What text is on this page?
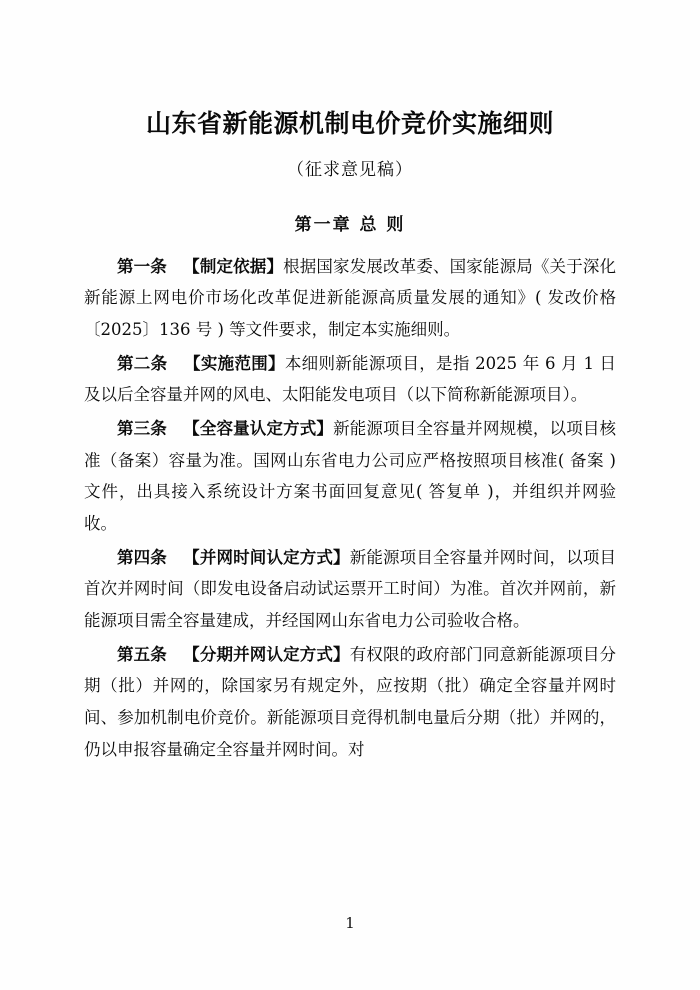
山东省新能源机制电价竞价实施细则
（征求意见稿）
第一章 总 则

第一条 【制定依据】根据国家发展改革委、国家能源局《关于深化新能源上网电价市场化改革促进新能源高质量发展的通知》( 发改价格〔2025〕136 号 ) 等文件要求，制定本实施细则。

第二条 【实施范围】本细则新能源项目，是指 2025 年 6 月 1 日及以后全容量并网的风电、太阳能发电项目（以下简称新能源项目）。

第三条 【全容量认定方式】新能源项目全容量并网规模，以项目核准（备案）容量为准。国网山东省电力公司应严格按照项目核准( 备案 ) 文件，出具接入系统设计方案书面回复意见( 答复单 )，并组织并网验收。

第四条 【并网时间认定方式】新能源项目全容量并网时间，以项目首次并网时间（即发电设备启动试运票开工时间）为准。首次并网前，新能源项目需全容量建成，并经国网山东省电力公司验收合格。

第五条 【分期并网认定方式】有权限的政府部门同意新能源项目分期（批）并网的，除国家另有规定外，应按期（批）确定全容量并网时间、参加机制电价竞价。新能源项目竞得机制电量后分期（批）并网的，仍以申报容量确定全容量并网时间。对

1
